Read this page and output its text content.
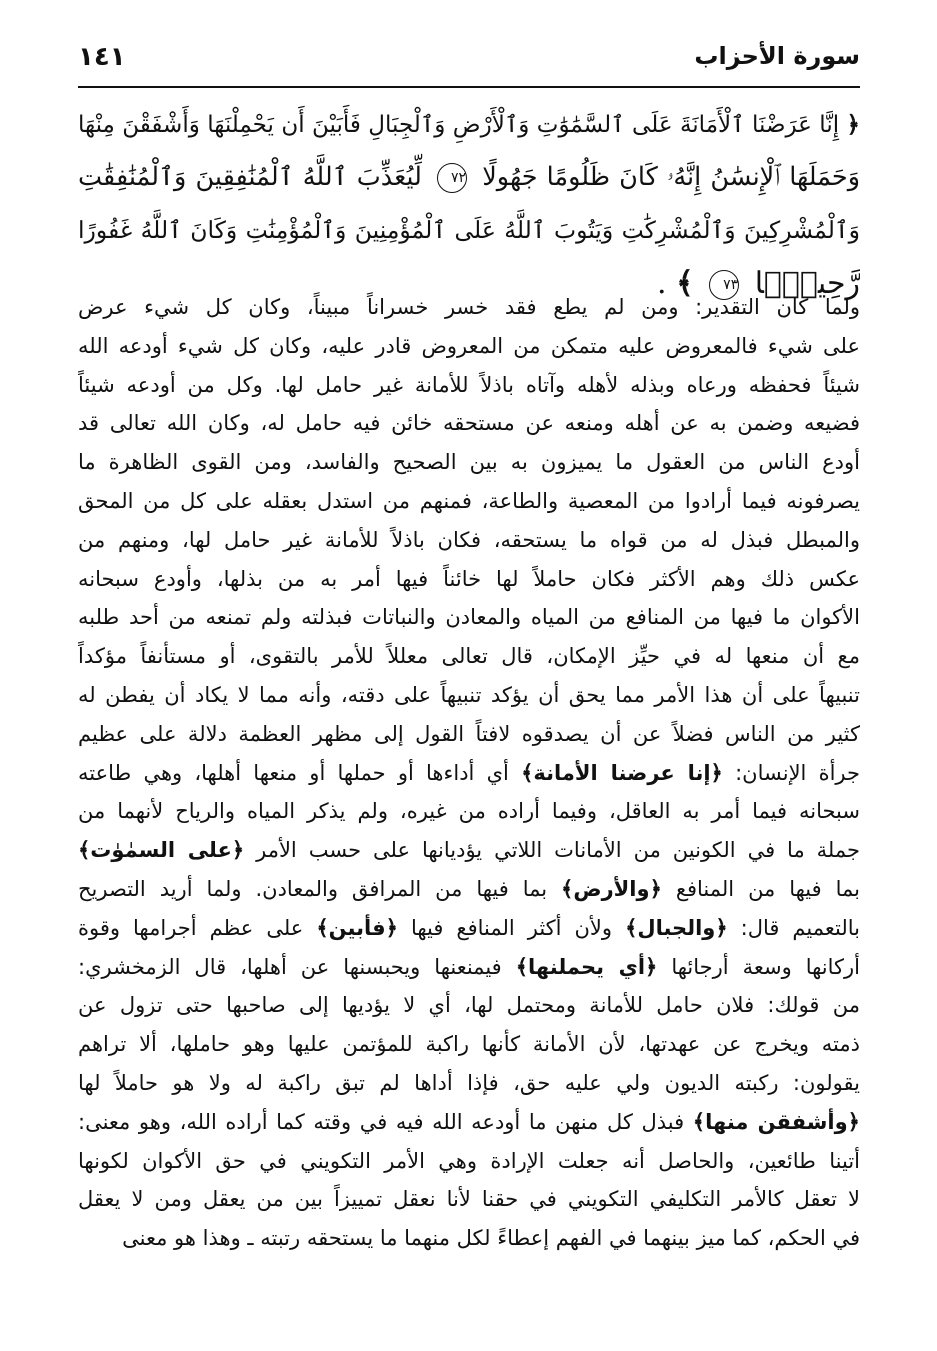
١٤١	سورة الأحزاب
﴿ إِنَّا عَرَضْنَا ٱلْأَمَانَةَ عَلَى ٱلسَّمَٰوَٰتِ وَٱلْأَرْضِ وَٱلْجِبَالِ فَأَبَيْنَ أَن يَحْمِلْنَهَا وَأَشْفَقْنَ مِنْهَا
وَحَمَلَهَا ٱلْإِنسَٰنُ إِنَّهُۥ كَانَ ظَلُومًا جَهُولًا ٧٢ لِّيُعَذِّبَ ٱللَّهُ ٱلْمُنَٰفِقِينَ وَٱلْمُنَٰفِقَٰتِ
وَٱلْمُشْرِكِينَ وَٱلْمُشْرِكَٰتِ وَيَتُوبَ ٱللَّهُ عَلَى ٱلْمُؤْمِنِينَ وَٱلْمُؤْمِنَٰتِ وَكَانَ ٱللَّهُ غَفُورًا
رَّحِيمًۢا ٧٣ ﴾ .
ولما كان التقدير: ومن لم يطع فقد خسر خسراناً مبيناً، وكان كل شيء عرض
على شيء فالمعروض عليه متمكن من المعروض قادر عليه، وكان كل شيء أودعه الله
شيئاً فحفظه ورعاه وبذله لأهله وآتاه باذلاً للأمانة غير حامل لها. وكل من أودعه شيئاً
فضيعه وضمن به عن أهله ومنعه عن مستحقه خائن فيه حامل له، وكان الله تعالى قد
أودع الناس من العقول ما يميزون به بين الصحيح والفاسد، ومن القوى الظاهرة ما
يصرفونه فيما أرادوا من المعصية والطاعة، فمنهم من استدل بعقله على كل من المحق
والمبطل فبذل له من قواه ما يستحقه، فكان باذلاً للأمانة غير حامل لها، ومنهم من
عكس ذلك وهم الأكثر فكان حاملاً لها خائناً فيها أمر به من بذلها، وأودع سبحانه
الأكوان ما فيها من المنافع من المياه والمعادن والنباتات فبذلته ولم تمنعه من أحد طلبه
مع أن منعها له في حيِّز الإمكان، قال تعالى معللاً للأمر بالتقوى، أو مستأنفاً مؤكداً
تنبيهاً على أن هذا الأمر مما يحق أن يؤكد تنبيهاً على دقته، وأنه مما لا يكاد أن يفطن له
كثير من الناس فضلاً عن أن يصدقوه لافتاً القول إلى مظهر العظمة دلالة على عظيم
جرأة الإنسان: ﴿إنا عرضنا الأمانة﴾ أي أداءها أو حملها أو منعها أهلها، وهي طاعته
سبحانه فيما أمر به العاقل، وفيما أراده من غيره، ولم يذكر المياه والرياح لأنهما من
جملة ما في الكونين من الأمانات اللاتي يؤديانها على حسب الأمر ﴿على السمٰوٰت﴾
بما فيها من المنافع ﴿والأرض﴾ بما فيها من المرافق والمعادن. ولما أريد التصريح
بالتعميم قال: ﴿والجبال﴾ ولأن أكثر المنافع فيها ﴿فأبين﴾ على عظم أجرامها وقوة
أركانها وسعة أرجائها ﴿أي يحملنها﴾ فيمنعنها ويحبسنها عن أهلها، قال الزمخشري:
من قولك: فلان حامل للأمانة ومحتمل لها، أي لا يؤديها إلى صاحبها حتى تزول عن
ذمته ويخرج عن عهدتها، لأن الأمانة كأنها راكبة للمؤتمن عليها وهو حاملها، ألا تراهم
يقولون: ركبته الديون ولي عليه حق، فإذا أداها لم تبق راكبة له ولا هو حاملاً لها
﴿وأشفقن منها﴾ فبذل كل منهن ما أودعه الله فيه في وقته كما أراده الله، وهو معنى:
أتينا طائعين، والحاصل أنه جعلت الإرادة وهي الأمر التكويني في حق الأكوان لكونها
لا تعقل كالأمر التكليفي التكويني في حقنا لأنا نعقل تمييزاً بين من يعقل ومن لا يعقل
في الحكم، كما ميز بينهما في الفهم إعطاءً لكل منهما ما يستحقه رتبته ـ وهذا هو معنى
